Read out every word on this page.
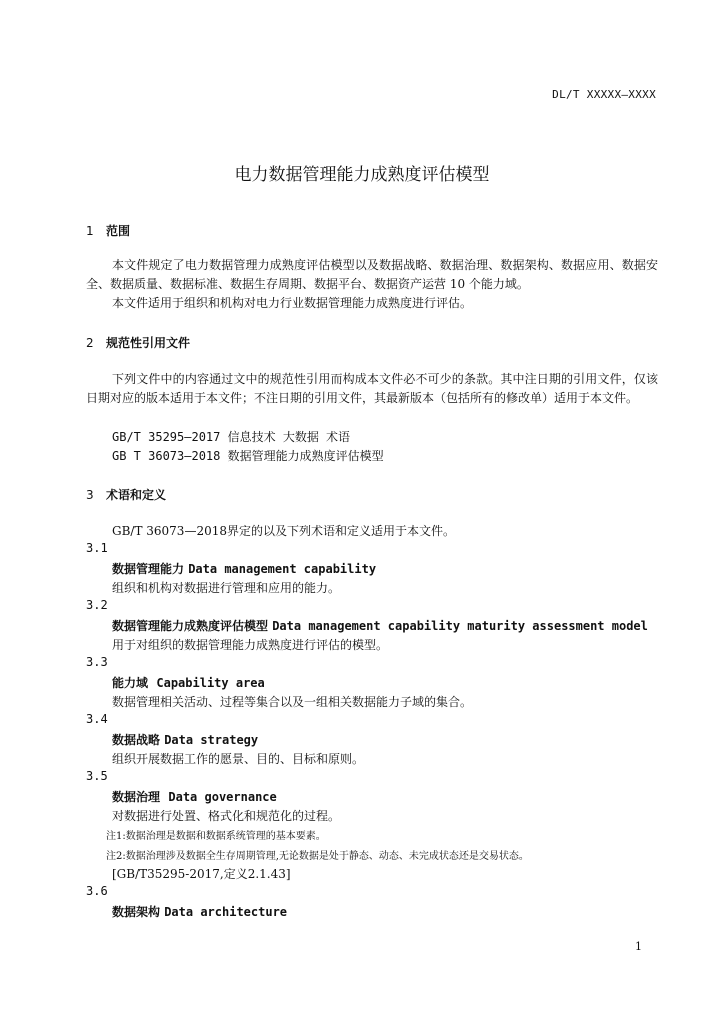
DL/T XXXXX—XXXX
电力数据管理能力成熟度评估模型
1 范围
本文件规定了电力数据管理力成熟度评估模型以及数据战略、数据治理、数据架构、数据应用、数据安全、数据质量、数据标准、数据生存周期、数据平台、数据资产运营 10 个能力域。
本文件适用于组织和机构对电力行业数据管理能力成熟度进行评估。
2 规范性引用文件
下列文件中的内容通过文中的规范性引用而构成本文件必不可少的条款。其中注日期的引用文件，仅该日期对应的版本适用于本文件；不注日期的引用文件，其最新版本（包括所有的修改单）适用于本文件。
GB/T 35295—2017 信息技术 大数据 术语
GB T 36073—2018 数据管理能力成熟度评估模型
3 术语和定义
GB/T 36073—2018界定的以及下列术语和定义适用于本文件。
3.1
数据管理能力 Data management capability
组织和机构对数据进行管理和应用的能力。
3.2
数据管理能力成熟度评估模型 Data management capability maturity assessment model
用于对组织的数据管理能力成熟度进行评估的模型。
3.3
能力域 Capability area
数据管理相关活动、过程等集合以及一组相关数据能力子域的集合。
3.4
数据战略 Data strategy
组织开展数据工作的愿景、目的、目标和原则。
3.5
数据治理 Data governance
对数据进行处置、格式化和规范化的过程。
注1:数据治理是数据和数据系统管理的基本要素。
注2:数据治理涉及数据全生存周期管理,无论数据是处于静态、动态、未完成状态还是交易状态。
[GB/T35295-2017,定义2.1.43]
3.6
数据架构 Data architecture
1
